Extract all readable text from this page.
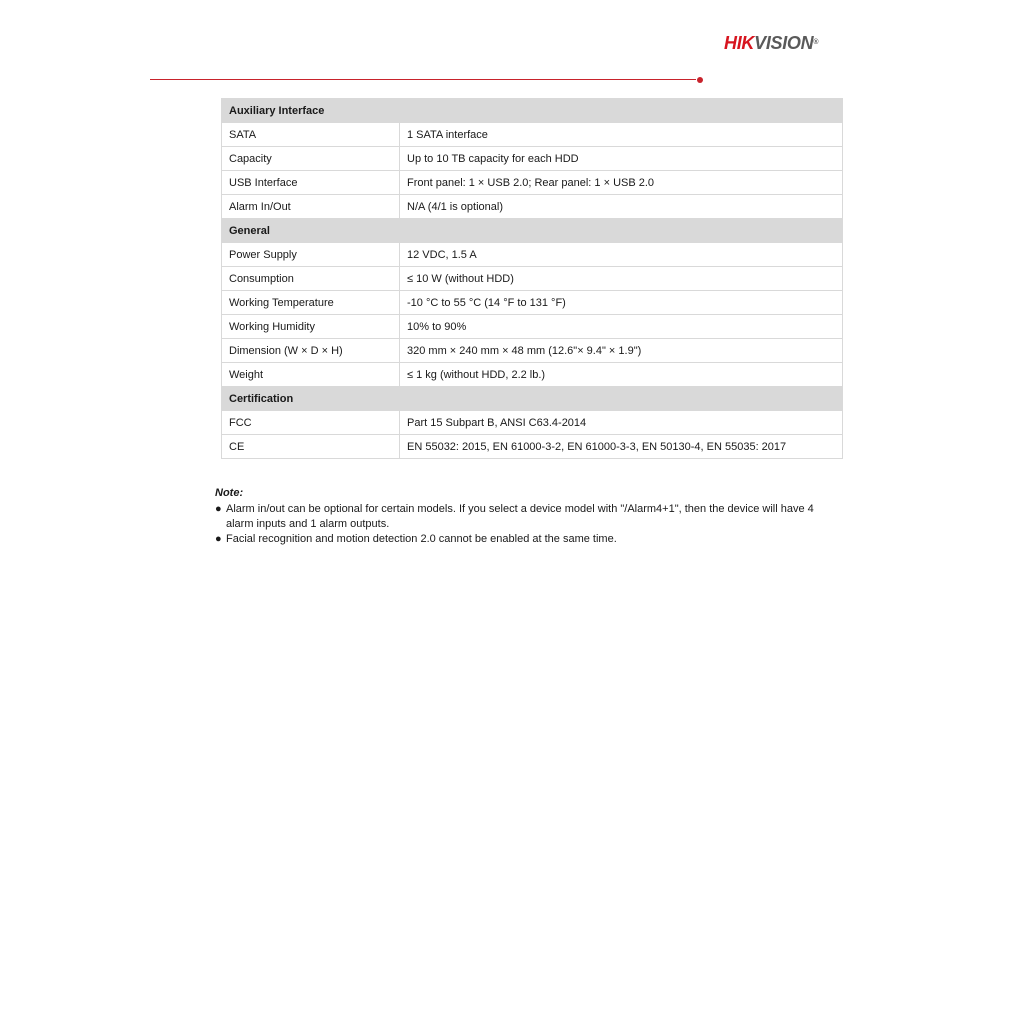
HIKVISION®
Auxiliary Interface	
SATA	1 SATA interface
Capacity	Up to 10 TB capacity for each HDD
USB Interface	Front panel: 1 × USB 2.0; Rear panel: 1 × USB 2.0
Alarm In/Out	N/A (4/1 is optional)
General	
Power Supply	12 VDC, 1.5 A
Consumption	≤ 10 W (without HDD)
Working Temperature	-10 °C to 55 °C (14 °F to 131 °F)
Working Humidity	10% to 90%
Dimension (W × D × H)	320 mm × 240 mm × 48 mm (12.6"× 9.4" × 1.9")
Weight	≤ 1 kg (without HDD, 2.2 lb.)
Certification	
FCC	Part 15 Subpart B, ANSI C63.4-2014
CE	EN 55032: 2015, EN 61000-3-2, EN 61000-3-3, EN 50130-4, EN 55035: 2017
Note:
● Alarm in/out can be optional for certain models. If you select a device model with "/Alarm4+1", then the device will have 4 alarm inputs and 1 alarm outputs.
● Facial recognition and motion detection 2.0 cannot be enabled at the same time.
